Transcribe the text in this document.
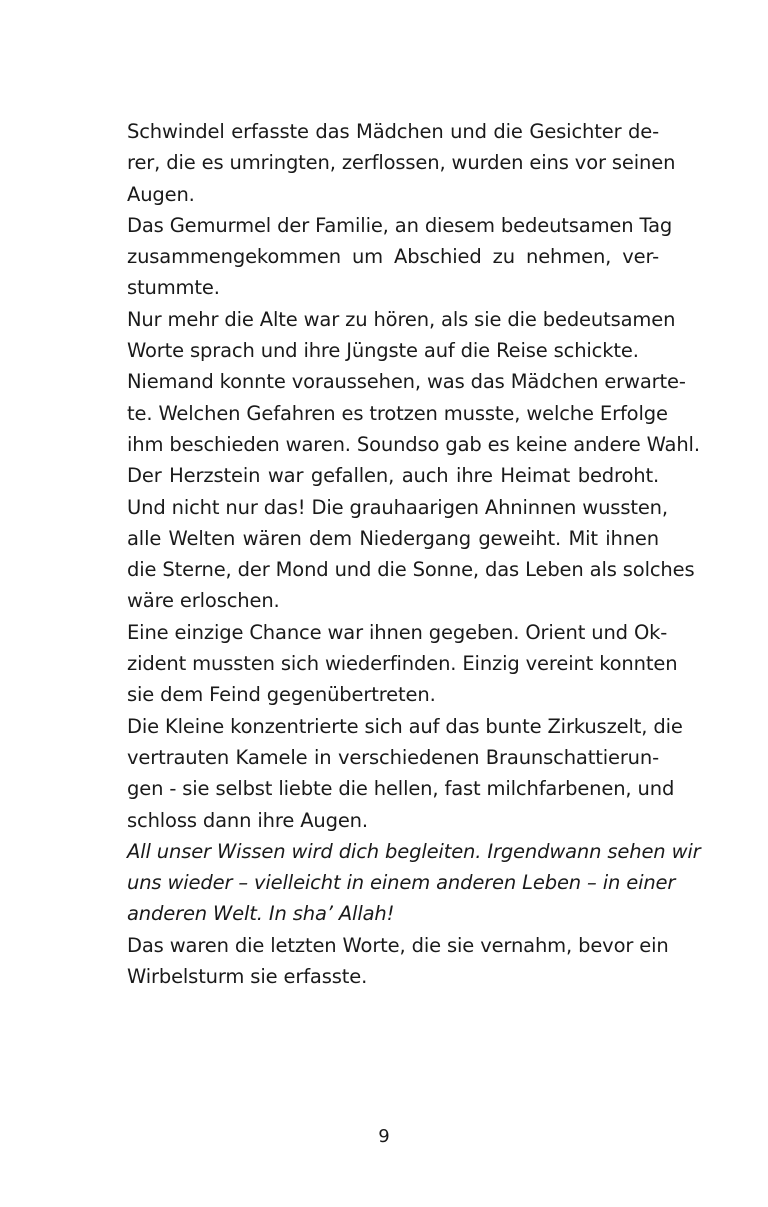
Schwindel erfasste das Mädchen und die Gesichter de-
rer, die es umringten, zerflossen, wurden eins vor seinen
Augen.
Das Gemurmel der Familie, an diesem bedeutsamen Tag
zusammengekommen um Abschied zu nehmen, ver-
stummte.
Nur mehr die Alte war zu hören, als sie die bedeutsamen
Worte sprach und ihre Jüngste auf die Reise schickte.
Niemand konnte voraussehen, was das Mädchen erwarte-
te. Welchen Gefahren es trotzen musste, welche Erfolge
ihm beschieden waren. Soundso gab es keine andere Wahl.
Der Herzstein war gefallen, auch ihre Heimat bedroht.
Und nicht nur das! Die grauhaarigen Ahninnen wussten,
alle Welten wären dem Niedergang geweiht. Mit ihnen
die Sterne, der Mond und die Sonne, das Leben als solches
wäre erloschen.
Eine einzige Chance war ihnen gegeben. Orient und Ok-
zident mussten sich wiederfinden. Einzig vereint konnten
sie dem Feind gegenübertreten.
Die Kleine konzentrierte sich auf das bunte Zirkuszelt, die
vertrauten Kamele in verschiedenen Braunschattierun-
gen - sie selbst liebte die hellen, fast milchfarbenen, und
schloss dann ihre Augen.
All unser Wissen wird dich begleiten. Irgendwann sehen wir
uns wieder – vielleicht in einem anderen Leben – in einer
anderen Welt. In sha’ Allah!
Das waren die letzten Worte, die sie vernahm, bevor ein
Wirbelsturm sie erfasste.
9
